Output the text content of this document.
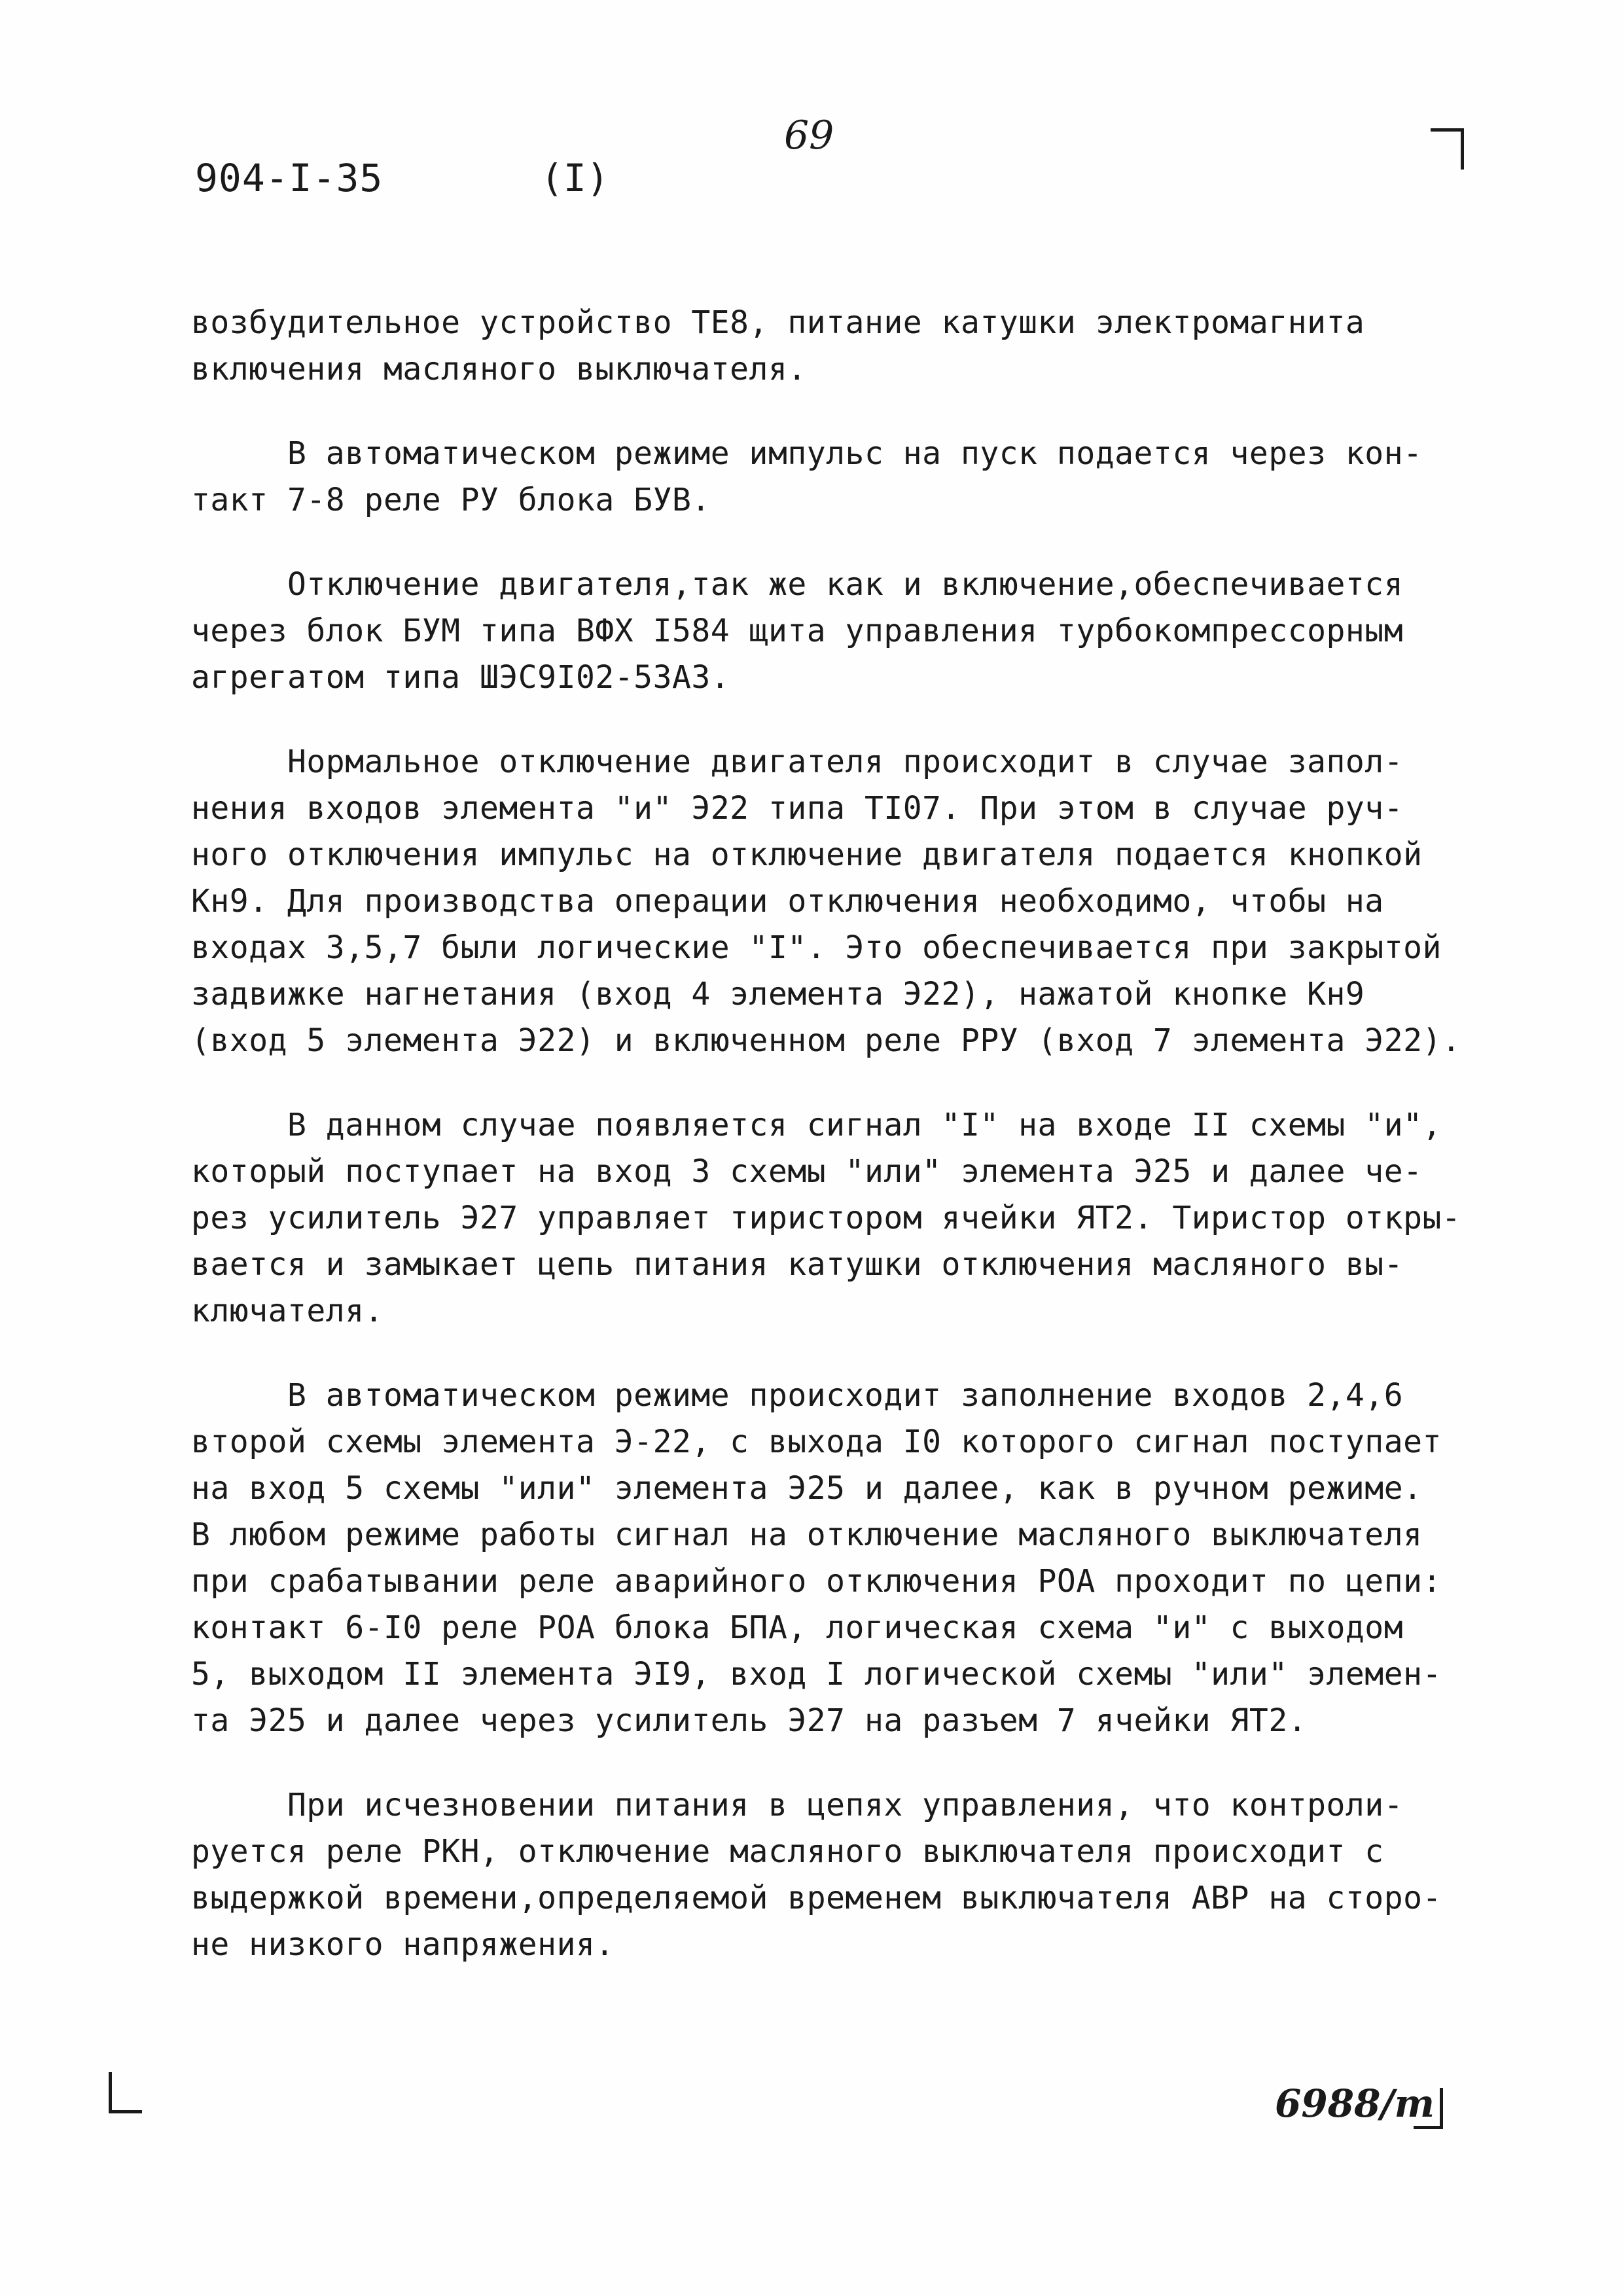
69
904-I-35	(I)

возбудительное устройство ТЕ8, питание катушки электромагнита
включения масляного выключателя.

В автоматическом режиме импульс на пуск подается через кон-
такт 7-8 реле РУ блока БУВ.

Отключение двигателя,так же как и включение,обеспечивается
через блок БУМ типа ВФХ I584 щита управления турбокомпрессорным
агрегатом типа ШЭС9I02-53А3.

Нормальное отключение двигателя происходит в случае запол-
нения входов элемента "и" Э22 типа ТI07. При этом в случае руч-
ного отключения импульс на отключение двигателя подается кнопкой
Кн9. Для производства операции отключения необходимо, чтобы на
входах 3,5,7 были логические "I". Это обеспечивается при закрытой
задвижке нагнетания (вход 4 элемента Э22), нажатой кнопке Кн9
(вход 5 элемента Э22) и включенном реле РРУ (вход 7 элемента Э22).

В данном случае появляется сигнал "I" на входе II схемы "и",
который поступает на вход 3 схемы "или" элемента Э25 и далее че-
рез усилитель Э27 управляет тиристором ячейки ЯТ2. Тиристор откры-
вается и замыкает цепь питания катушки отключения масляного вы-
ключателя.

В автоматическом режиме происходит заполнение входов 2,4,6
второй схемы элемента Э-22, с выхода I0 которого сигнал поступает
на вход 5 схемы "или" элемента Э25 и далее, как в ручном режиме.
В любом режиме работы сигнал на отключение масляного выключателя
при срабатывании реле аварийного отключения РОА проходит по цепи:
контакт 6-I0 реле РОА блока БПА, логическая схема "и" с выходом
5, выходом II элемента ЭI9, вход I логической схемы "или" элемен-
та Э25 и далее через усилитель Э27 на разъем 7 ячейки ЯТ2.

При исчезновении питания в цепях управления, что контроли-
руется реле РКН, отключение масляного выключателя происходит с
выдержкой времени,определяемой временем выключателя АВР на сторо-
не низкого напряжения.

6988/т
